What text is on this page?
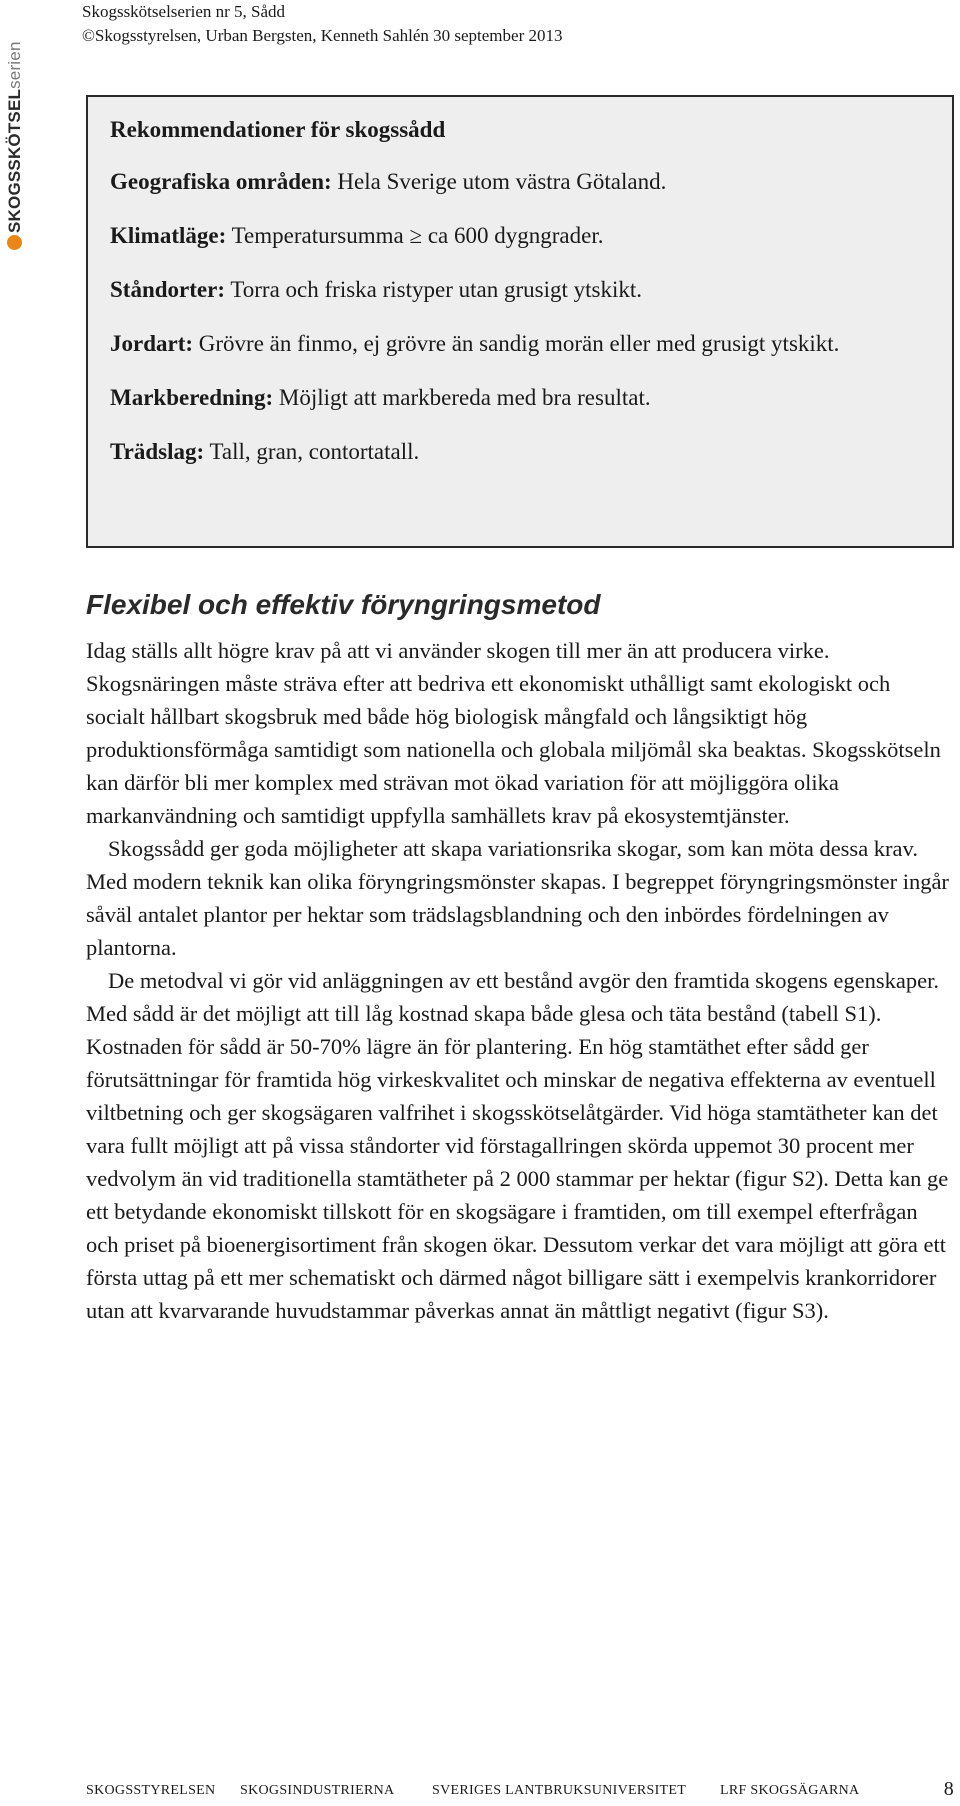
Skogsskötselserien nr 5, Sådd
©Skogsstyrelsen, Urban Bergsten, Kenneth Sahlén 30 september 2013
SKOGSSKÖTSELserien

Rekommendationer för skogssådd

Geografiska områden: Hela Sverige utom västra Götaland.

Klimatläge: Temperatursumma ≥ ca 600 dygngrader.

Ståndorter: Torra och friska ristyper utan grusigt ytskikt.

Jordart: Grövre än finmo, ej grövre än sandig morän eller med grusigt ytskikt.

Markberedning: Möjligt att markbereda med bra resultat.

Trädslag: Tall, gran, contortatall.

Flexibel och effektiv föryngringsmetod

Idag ställs allt högre krav på att vi använder skogen till mer än att producera virke. Skogsnäringen måste sträva efter att bedriva ett ekonomiskt uthålligt samt ekologiskt och socialt hållbart skogsbruk med både hög biologisk mångfald och långsiktigt hög produktionsförmåga samtidigt som nationella och globala miljömål ska beaktas. Skogsskötseln kan därför bli mer komplex med strävan mot ökad variation för att möjliggöra olika markanvändning och samtidigt uppfylla samhällets krav på ekosystemtjänster.

Skogssådd ger goda möjligheter att skapa variationsrika skogar, som kan möta dessa krav. Med modern teknik kan olika föryngringsmönster skapas. I begreppet föryngringsmönster ingår såväl antalet plantor per hektar som trädslagsblandning och den inbördes fördelningen av plantorna.

De metodval vi gör vid anläggningen av ett bestånd avgör den framtida skogens egenskaper. Med sådd är det möjligt att till låg kostnad skapa både glesa och täta bestånd (tabell S1). Kostnaden för sådd är 50-70% lägre än för plantering. En hög stamtäthet efter sådd ger förutsättningar för framtida hög virkeskvalitet och minskar de negativa effekterna av eventuell viltbetning och ger skogsägaren valfrihet i skogsskötselåtgärder. Vid höga stamtätheter kan det vara fullt möjligt att på vissa ståndorter vid förstagallringen skörda uppemot 30 procent mer vedvolym än vid traditionella stamtätheter på 2 000 stammar per hektar (figur S2). Detta kan ge ett betydande ekonomiskt tillskott för en skogsägare i framtiden, om till exempel efterfrågan och priset på bioenergisortiment från skogen ökar. Dessutom verkar det vara möjligt att göra ett första uttag på ett mer schematiskt och därmed något billigare sätt i exempelvis krankorridorer utan att kvarvarande huvudstammar påverkas annat än måttligt negativt (figur S3).

SKOGSSTYRELSEN SKOGSINDUSTRIERNA	SVERIGES LANTBRUKSUNIVERSITET LRF SKOGSÄGARNA	8
